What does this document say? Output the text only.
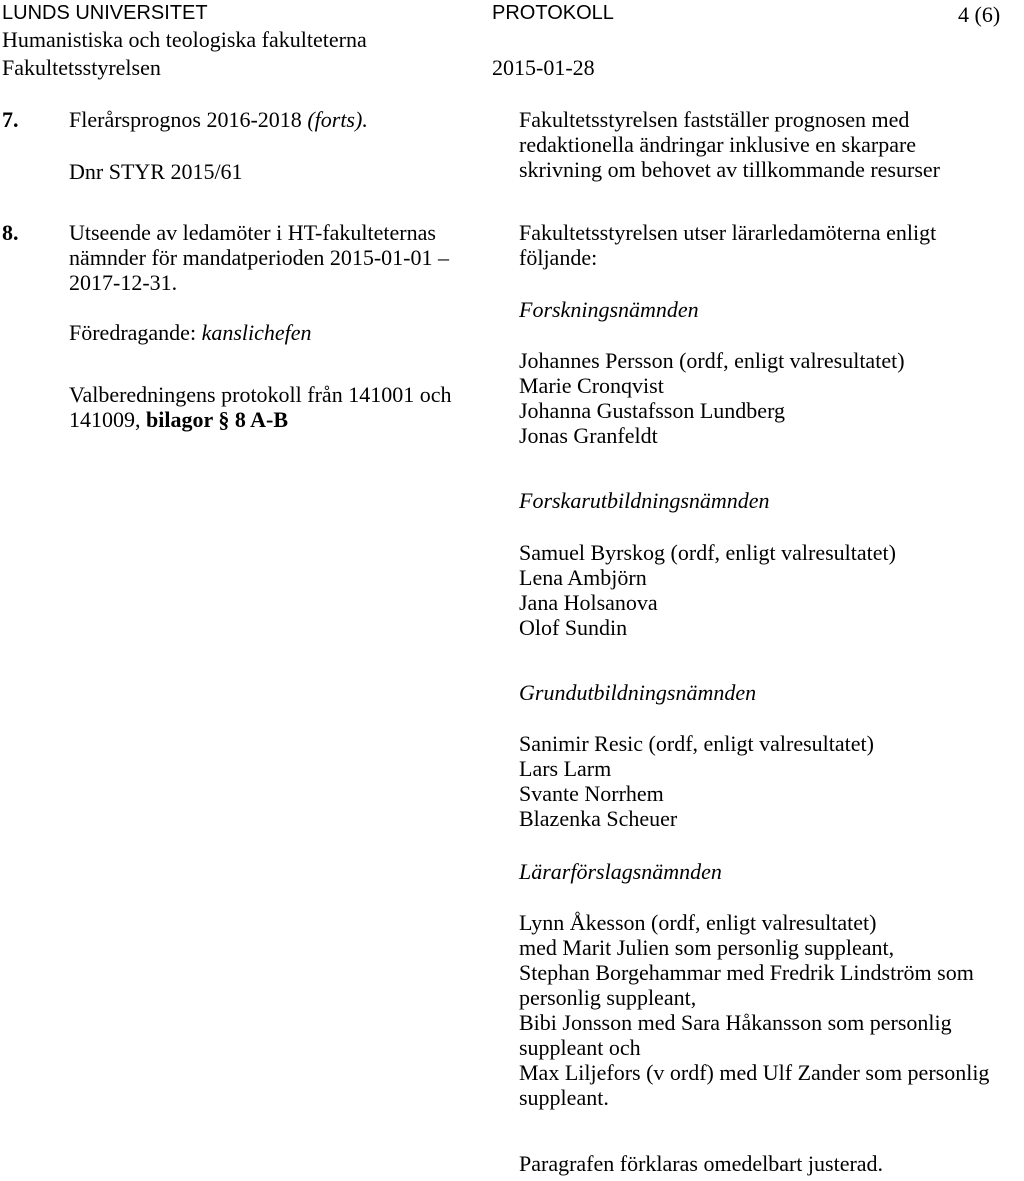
LUNDS UNIVERSITET
Humanistiska och teologiska fakulteterna
Fakultetsstyrelsen
PROTOKOLL
2015-01-28
4 (6)
7. Flerårsprognos 2016-2018 (forts).
Dnr STYR 2015/61
Fakultetsstyrelsen fastställer prognosen med
redaktionella ändringar inklusive en skarpare
skrivning om behovet av tillkommande resurser
8. Utseende av ledamöter i HT-fakulteternas
nämnder för mandatperioden 2015-01-01 –
2017-12-31.
Föredragande: kanslichefen
Valberedningens protokoll från 141001 och
141009, bilagor § 8 A-B
Fakultetsstyrelsen utser lärarledamöterna enligt
följande:
Forskningsnämnden
Johannes Persson (ordf, enligt valresultatet)
Marie Cronqvist
Johanna Gustafsson Lundberg
Jonas Granfeldt
Forskarutbildningsnämnden
Samuel Byrskog (ordf, enligt valresultatet)
Lena Ambjörn
Jana Holsanova
Olof Sundin
Grundutbildningsnämnden
Sanimir Resic (ordf, enligt valresultatet)
Lars Larm
Svante Norrhem
Blazenka Scheuer
Lärarförslagsnämnden
Lynn Åkesson (ordf, enligt valresultatet)
med Marit Julien som personlig suppleant,
Stephan Borgehammar med Fredrik Lindström som
personlig suppleant,
Bibi Jonsson med Sara Håkansson som personlig
suppleant och
Max Liljefors (v ordf) med Ulf Zander som personlig
suppleant.
Paragrafen förklaras omedelbart justerad.
